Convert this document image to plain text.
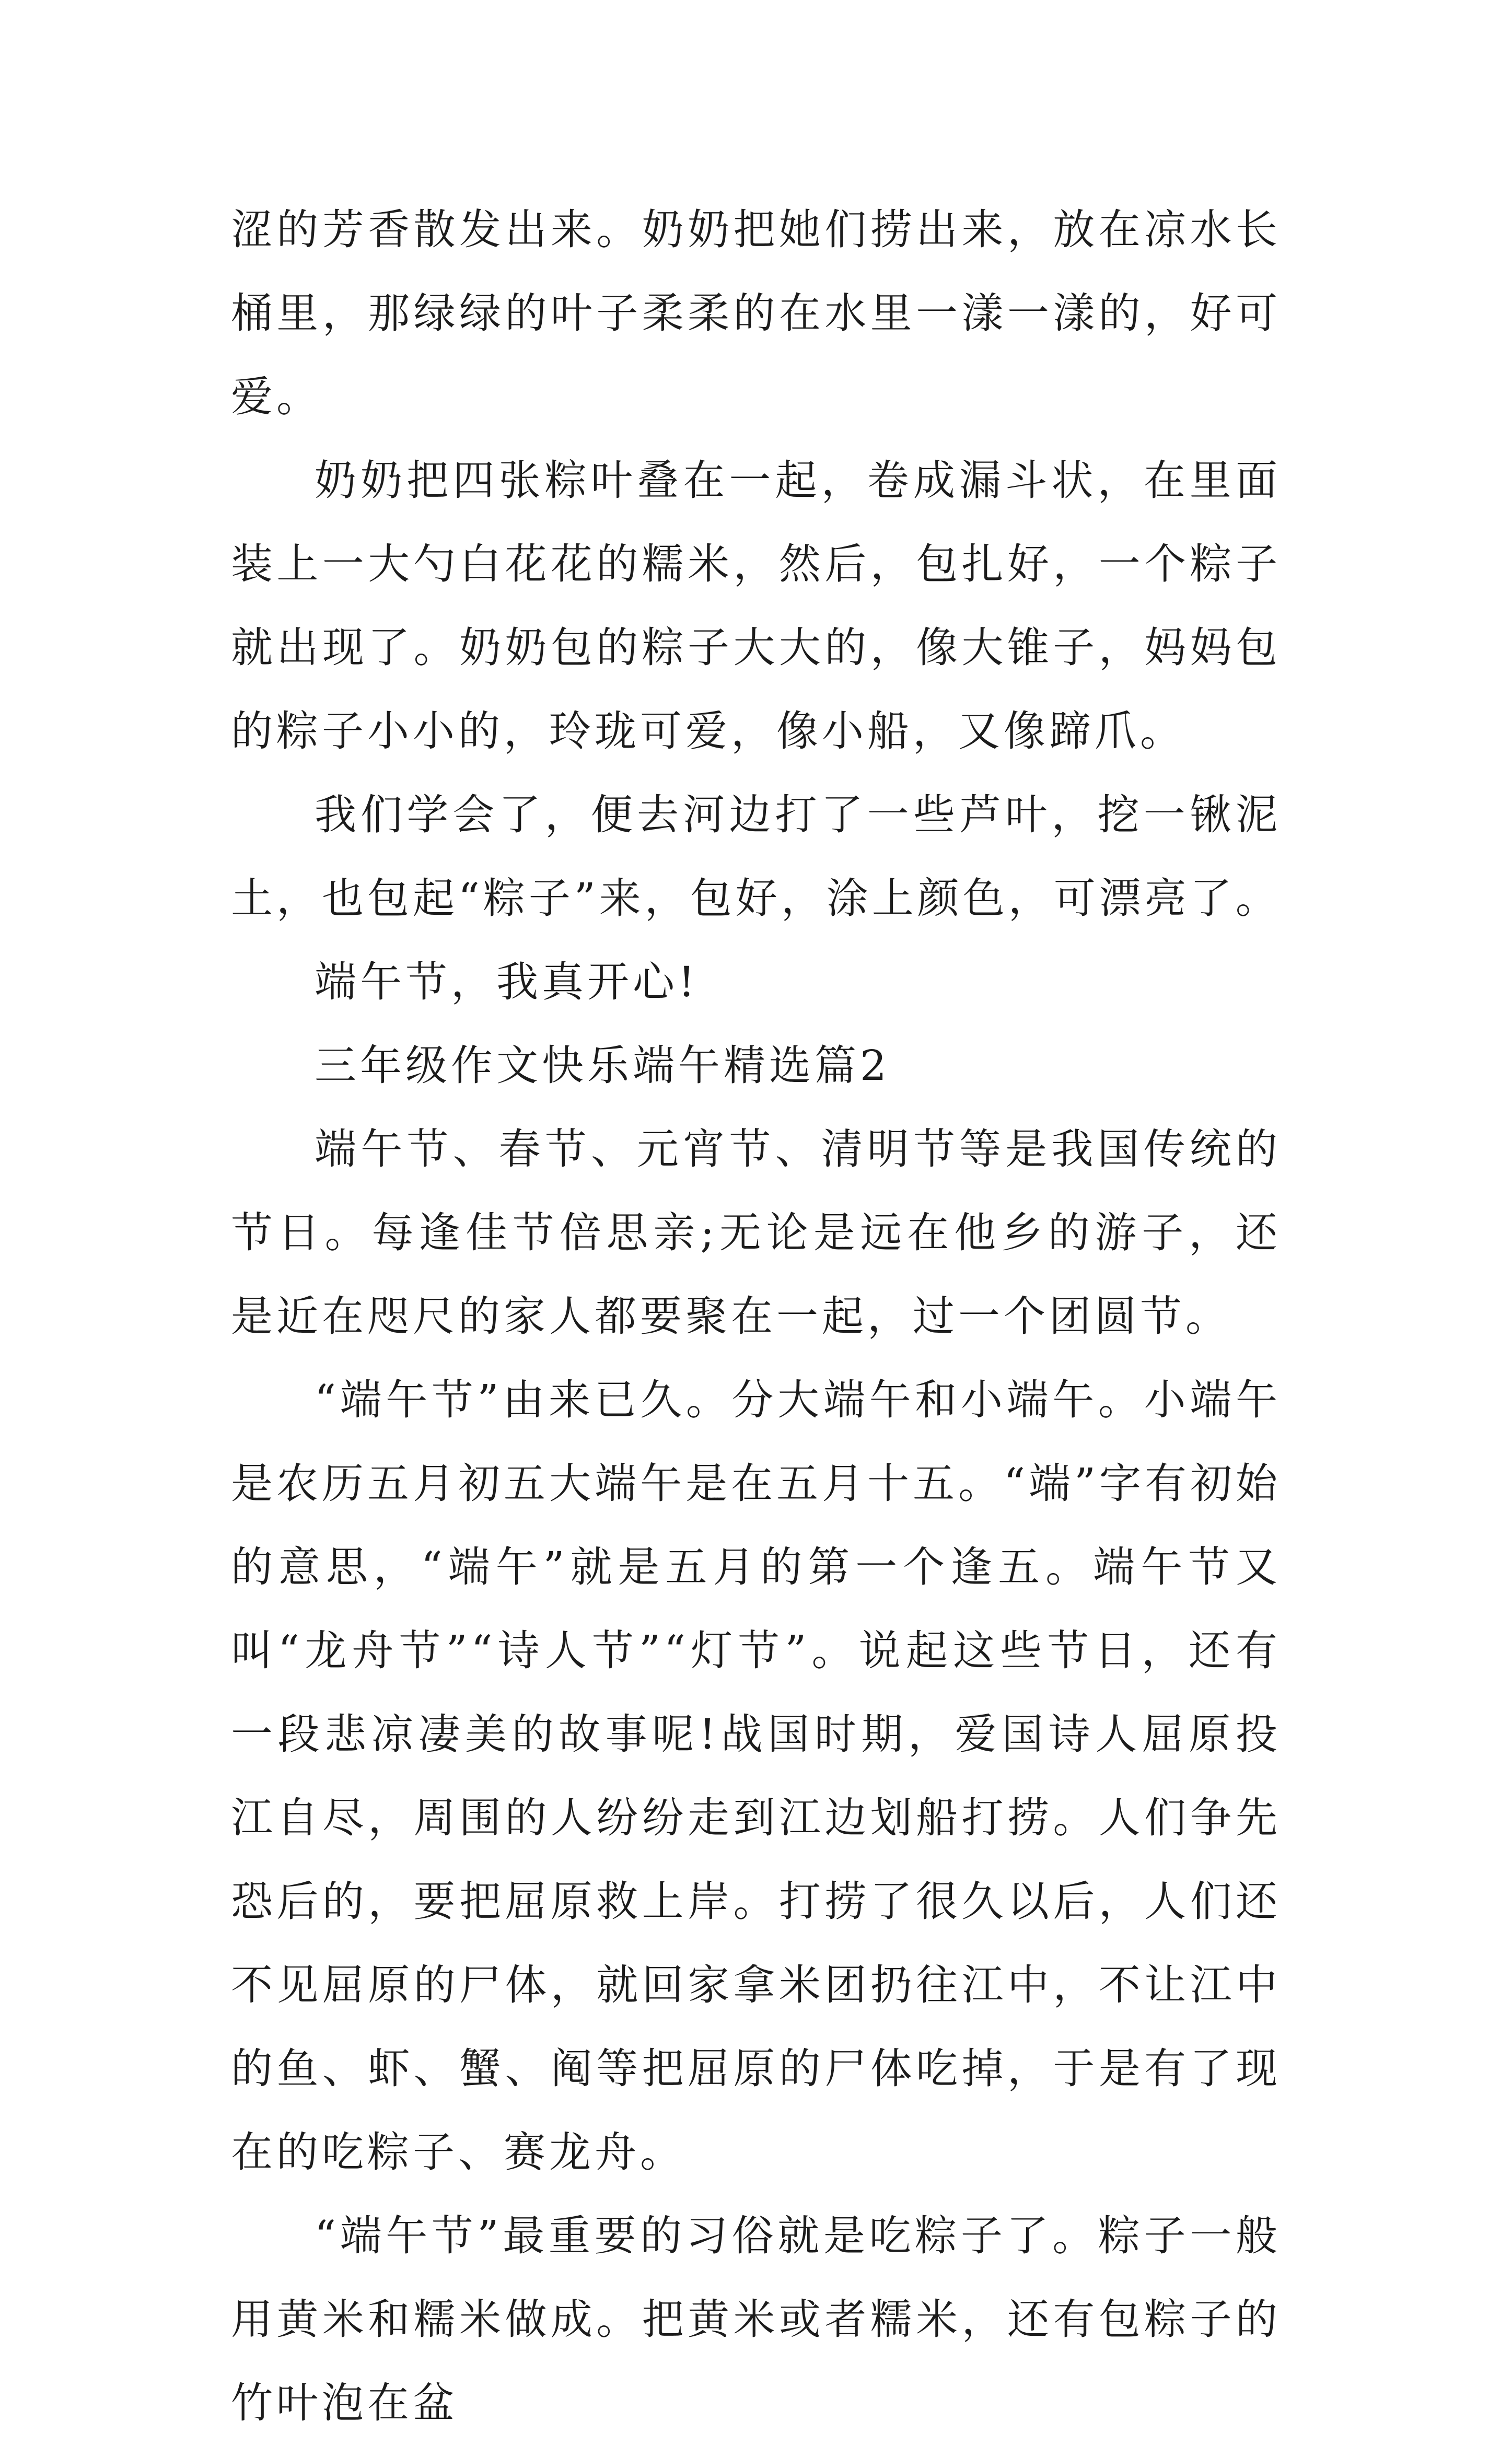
涩的芳香散发出来。奶奶把她们捞出来，放在凉水长桶里，那绿绿的叶子柔柔的在水里一漾一漾的，好可爱。

奶奶把四张粽叶叠在一起，卷成漏斗状，在里面装上一大勺白花花的糯米，然后，包扎好，一个粽子就出现了。奶奶包的粽子大大的，像大锥子，妈妈包的粽子小小的，玲珑可爱，像小船，又像蹄爪。

我们学会了，便去河边打了一些芦叶，挖一锹泥土，也包起“粽子”来，包好，涂上颜色，可漂亮了。

端午节，我真开心!

三年级作文快乐端午精选篇2

端午节、春节、元宵节、清明节等是我国传统的节日。每逢佳节倍思亲;无论是远在他乡的游子，还是近在咫尺的家人都要聚在一起，过一个团圆节。

“端午节”由来已久。分大端午和小端午。小端午是农历五月初五大端午是在五月十五。“端”字有初始的意思，“端午”就是五月的第一个逢五。端午节又叫“龙舟节”“诗人节”“灯节”。说起这些节日，还有一段悲凉凄美的故事呢!战国时期，爱国诗人屈原投江自尽，周围的人纷纷走到江边划船打捞。人们争先恐后的，要把屈原救上岸。打捞了很久以后，人们还不见屈原的尸体，就回家拿米团扔往江中，不让江中的鱼、虾、蟹、阄等把屈原的尸体吃掉，于是有了现在的吃粽子、赛龙舟。

“端午节”最重要的习俗就是吃粽子了。粽子一般用黄米和糯米做成。把黄米或者糯米，还有包粽子的竹叶泡在盆
